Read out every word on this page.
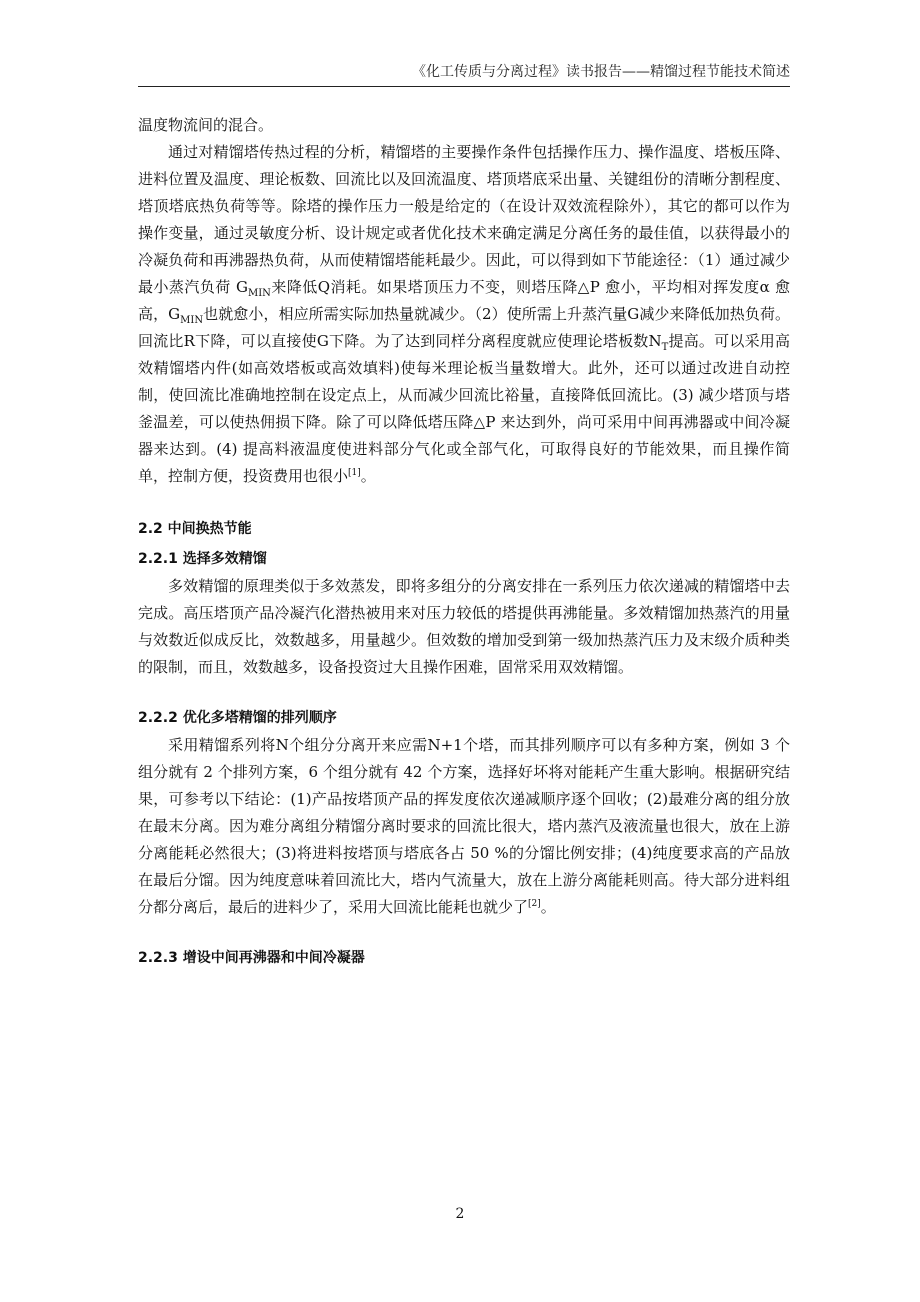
《化工传质与分离过程》读书报告——精馏过程节能技术简述

温度物流间的混合。

通过对精馏塔传热过程的分析，精馏塔的主要操作条件包括操作压力、操作温度、塔板压降、进料位置及温度、理论板数、回流比以及回流温度、塔顶塔底采出量、关键组份的清晰分割程度、塔顶塔底热负荷等等。除塔的操作压力一般是给定的（在设计双效流程除外），其它的都可以作为操作变量，通过灵敏度分析、设计规定或者优化技术来确定满足分离任务的最佳值，以获得最小的冷凝负荷和再沸器热负荷，从而使精馏塔能耗最少。因此，可以得到如下节能途径：（1）通过减少最小蒸汽负荷 $G_{MIN}$来降低Q消耗。如果塔顶压力不变，则塔压降△P 愈小，平均相对挥发度α 愈高，$G_{MIN}$也就愈小，相应所需实际加热量就减少。（2）使所需上升蒸汽量G减少来降低加热负荷。回流比R下降，可以直接使G下降。为了达到同样分离程度就应使理论塔板数$N_T$提高。可以采用高效精馏塔内件(如高效塔板或高效填料)使每米理论板当量数增大。此外，还可以通过改进自动控制，使回流比准确地控制在设定点上，从而减少回流比裕量，直接降低回流比。(3) 减少塔顶与塔釜温差，可以使热佣损下降。除了可以降低塔压降△P 来达到外，尚可采用中间再沸器或中间冷凝器来达到。(4) 提高料液温度使进料部分气化或全部气化，可取得良好的节能效果，而且操作简单，控制方便，投资费用也很小[1]。

2.2 中间换热节能

2.2.1 选择多效精馏

多效精馏的原理类似于多效蒸发，即将多组分的分离安排在一系列压力依次递减的精馏塔中去完成。高压塔顶产品冷凝汽化潜热被用来对压力较低的塔提供再沸能量。多效精馏加热蒸汽的用量与效数近似成反比，效数越多，用量越少。但效数的增加受到第一级加热蒸汽压力及末级介质种类的限制，而且，效数越多，设备投资过大且操作困难，固常采用双效精馏。

2.2.2 优化多塔精馏的排列顺序

采用精馏系列将N个组分分离开来应需N+1个塔，而其排列顺序可以有多种方案，例如 3 个组分就有 2 个排列方案，6 个组分就有 42 个方案，选择好坏将对能耗产生重大影响。根据研究结果，可参考以下结论：(1)产品按塔顶产品的挥发度依次递减顺序逐个回收；(2)最难分离的组分放在最末分离。因为难分离组分精馏分离时要求的回流比很大，塔内蒸汽及液流量也很大，放在上游分离能耗必然很大；(3)将进料按塔顶与塔底各占 50 %的分馏比例安排；(4)纯度要求高的产品放在最后分馏。因为纯度意味着回流比大，塔内气流量大，放在上游分离能耗则高。待大部分进料组分都分离后，最后的进料少了，采用大回流比能耗也就少了[2]。

2.2.3 增设中间再沸器和中间冷凝器

2
